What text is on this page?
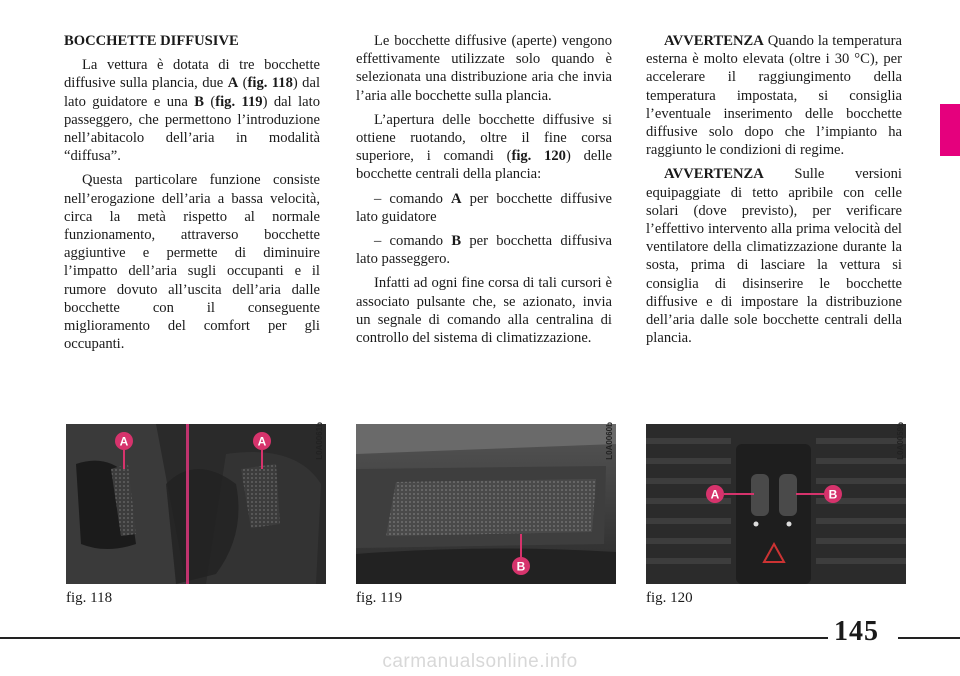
BOCCHETTE DIFFUSIVE

La vettura è dotata di tre bocchette diffusive sulla plancia, due A (fig. 118) dal lato guidatore e una B (fig. 119) dal lato passeggero, che permettono l’introduzione nell’abitacolo dell’aria in modalità “diffusa”.

Questa particolare funzione consiste nell’erogazione dell’aria a bassa velocità, circa la metà rispetto al normale funzionamento, attraverso bocchette aggiuntive e permette di diminuire l’impatto dell’aria sugli occupanti e il rumore dovuto all’uscita dell’aria dalle bocchette con il conseguente miglioramento del comfort per gli occupanti.

Le bocchette diffusive (aperte) vengono effettivamente utilizzate solo quando è selezionata una distribuzione aria che invia l’aria alle bocchette sulla plancia.

L’apertura delle bocchette diffusive si ottiene ruotando, oltre il fine corsa superiore, i comandi (fig. 120) delle bocchette centrali della plancia:

– comando A per bocchette diffusive lato guidatore

– comando B per bocchetta diffusiva lato passeggero.

Infatti ad ogni fine corsa di tali cursori è associato pulsante che, se azionato, invia un segnale di comando alla centralina di controllo del sistema di climatizzazione.

AVVERTENZA Quando la temperatura esterna è molto elevata (oltre i 30 °C), per accelerare il raggiungimento della temperatura impostata, si consiglia l’eventuale inserimento delle bocchette diffusive solo dopo che l’impianto ha raggiunto le condizioni di regime.

AVVERTENZA Sulle versioni equipaggiate di tetto apribile con celle solari (dove previsto), per verificare l’effettivo intervento alla prima velocità del ventilatore della climatizzazione durante la sosta, prima di lasciare la vettura si consiglia di disinserire le bocchette diffusive e di impostare la distribuzione dell’aria dalle sole bocchette centrali della plancia.

A	A	L0A0061b
fig. 118
B
L0A0060b
fig. 119
A	B
L0A0059b
fig. 120
145
carmanualsonline.info
